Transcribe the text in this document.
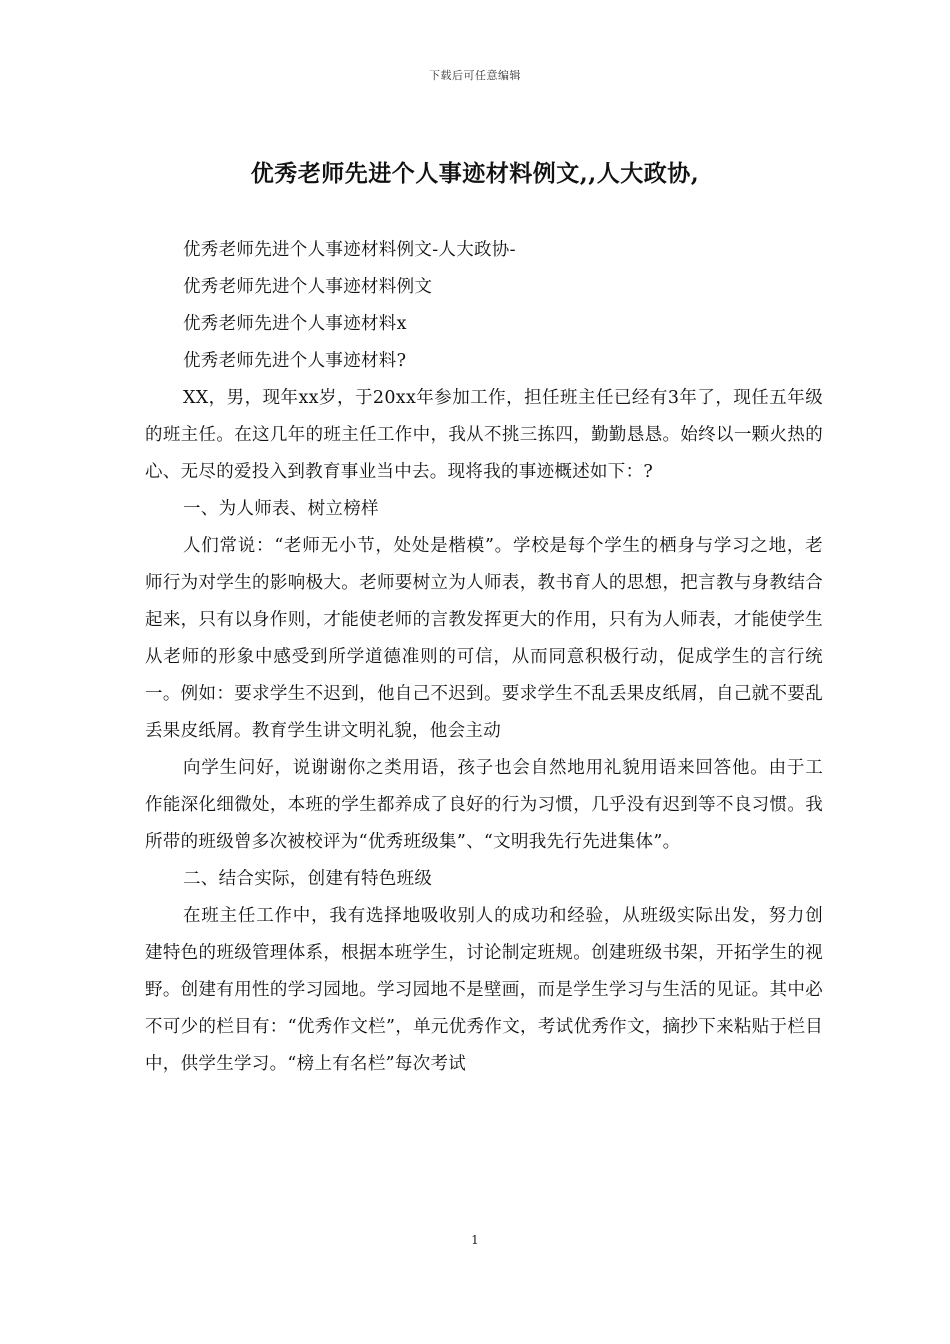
下载后可任意编辑
优秀老师先进个人事迹材料例文,,人大政协,

优秀老师先进个人事迹材料例文-人大政协-

优秀老师先进个人事迹材料例文

优秀老师先进个人事迹材料x

优秀老师先进个人事迹材料?

XX，男，现年xx岁，于20xx年参加工作，担任班主任已经有3年了，现任五年级的班主任。在这几年的班主任工作中，我从不挑三拣四，勤勤恳恳。始终以一颗火热的心、无尽的爱投入到教育事业当中去。现将我的事迹概述如下：?

一、为人师表、树立榜样

人们常说：“老师无小节，处处是楷模”。学校是每个学生的栖身与学习之地，老师行为对学生的影响极大。老师要树立为人师表，教书育人的思想，把言教与身教结合起来，只有以身作则，才能使老师的言教发挥更大的作用，只有为人师表，才能使学生从老师的形象中感受到所学道德准则的可信，从而同意积极行动，促成学生的言行统一。例如：要求学生不迟到，他自己不迟到。要求学生不乱丢果皮纸屑，自己就不要乱丢果皮纸屑。教育学生讲文明礼貌，他会主动

向学生问好，说谢谢你之类用语，孩子也会自然地用礼貌用语来回答他。由于工作能深化细微处，本班的学生都养成了良好的行为习惯，几乎没有迟到等不良习惯。我所带的班级曾多次被校评为“优秀班级集”、“文明我先行先进集体”。

二、结合实际，创建有特色班级

在班主任工作中，我有选择地吸收别人的成功和经验，从班级实际出发，努力创建特色的班级管理体系，根据本班学生，讨论制定班规。创建班级书架，开拓学生的视野。创建有用性的学习园地。学习园地不是壁画，而是学生学习与生活的见证。其中必不可少的栏目有：“优秀作文栏”，单元优秀作文，考试优秀作文，摘抄下来粘贴于栏目中，供学生学习。“榜上有名栏”每次考试

1
